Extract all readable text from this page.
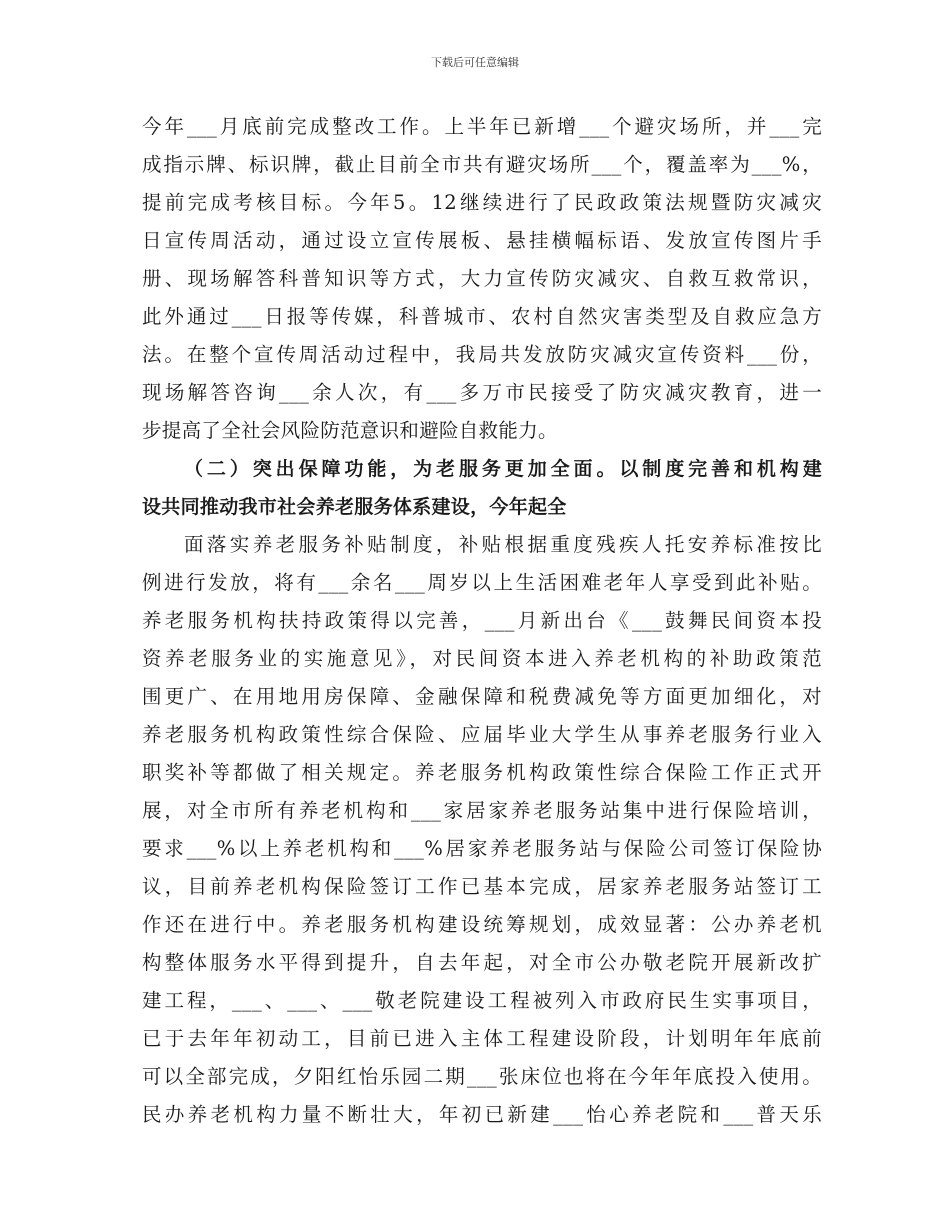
下载后可任意编辑
今年___月底前完成整改工作。上半年已新增___个避灾场所，并___完
成指示牌、标识牌，截止目前全市共有避灾场所___个，覆盖率为___%，
提前完成考核目标。今年5。12继续进行了民政政策法规暨防灾减灾
日宣传周活动，通过设立宣传展板、悬挂横幅标语、发放宣传图片手
册、现场解答科普知识等方式，大力宣传防灾减灾、自救互救常识，
此外通过___日报等传媒，科普城市、农村自然灾害类型及自救应急方
法。在整个宣传周活动过程中，我局共发放防灾减灾宣传资料___份，
现场解答咨询___余人次，有___多万市民接受了防灾减灾教育，进一
步提高了全社会风险防范意识和避险自救能力。
（二）突出保障功能，为老服务更加全面。以制度完善和机构建
设共同推动我市社会养老服务体系建设，今年起全
面落实养老服务补贴制度，补贴根据重度残疾人托安养标准按比
例进行发放，将有___余名___周岁以上生活困难老年人享受到此补贴。
养老服务机构扶持政策得以完善，___月新出台《___鼓舞民间资本投
资养老服务业的实施意见》，对民间资本进入养老机构的补助政策范
围更广、在用地用房保障、金融保障和税费减免等方面更加细化，对
养老服务机构政策性综合保险、应届毕业大学生从事养老服务行业入
职奖补等都做了相关规定。养老服务机构政策性综合保险工作正式开
展，对全市所有养老机构和___家居家养老服务站集中进行保险培训，
要求___%以上养老机构和___%居家养老服务站与保险公司签订保险协
议，目前养老机构保险签订工作已基本完成，居家养老服务站签订工
作还在进行中。养老服务机构建设统筹规划，成效显著：公办养老机
构整体服务水平得到提升，自去年起，对全市公办敬老院开展新改扩
建工程，___、___、___敬老院建设工程被列入市政府民生实事项目，
已于去年年初动工，目前已进入主体工程建设阶段，计划明年年底前
可以全部完成，夕阳红怡乐园二期___张床位也将在今年年底投入使用。
民办养老机构力量不断壮大，年初已新建___怡心养老院和___普天乐
